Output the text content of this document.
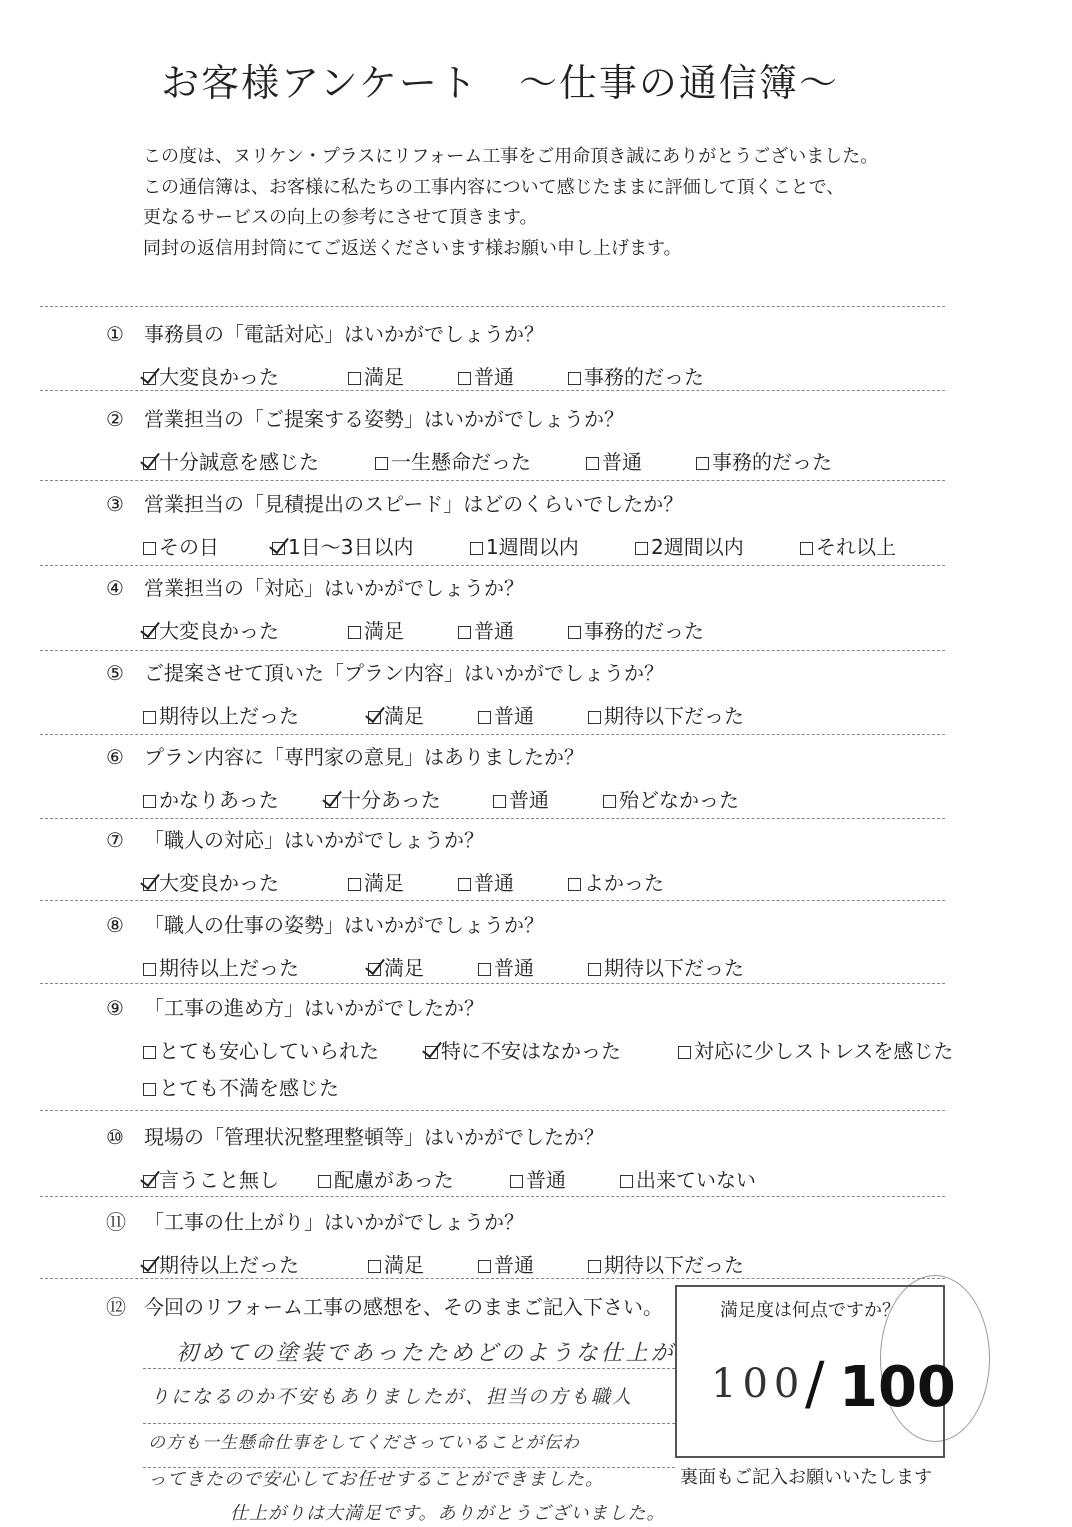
お客様アンケート　～仕事の通信簿～
この度は、ヌリケン・プラスにリフォーム工事をご用命頂き誠にありがとうございました。
この通信簿は、お客様に私たちの工事内容について感じたままに評価して頂くことで、
更なるサービスの向上の参考にさせて頂きます。
同封の返信用封筒にてご返送くださいます様お願い申し上げます。
① 事務員の「電話対応」はいかがでしょうか？
大変良かった	満足	普通	事務的だった
② 営業担当の「ご提案する姿勢」はいかがでしょうか？
十分誠意を感じた	一生懸命だった	普通	事務的だった
③ 営業担当の「見積提出のスピード」はどのくらいでしたか？
その日	1日～3日以内	1週間以内	2週間以内	それ以上
④ 営業担当の「対応」はいかがでしょうか？
大変良かった	満足	普通	事務的だった
⑤ ご提案させて頂いた「プラン内容」はいかがでしょうか？
期待以上だった	満足	普通	期待以下だった
⑥ プラン内容に「専門家の意見」はありましたか？
かなりあった	十分あった	普通	殆どなかった
⑦ 「職人の対応」はいかがでしょうか？
大変良かった	満足	普通	よかった
⑧ 「職人の仕事の姿勢」はいかがでしょうか？
期待以上だった	満足	普通	期待以下だった
⑨ 「工事の進め方」はいかがでしたか？
とても安心していられた	特に不安はなかった	対応に少しストレスを感じた
とても不満を感じた
⑩ 現場の「管理状況整理整頓等」はいかがでしたか？
言うこと無し	配慮があった	普通	出来ていない
⑪ 「工事の仕上がり」はいかがでしょうか？
期待以上だった	満足	普通	期待以下だった
⑫ 今回のリフォーム工事の感想を、そのままご記入下さい。
初めての塗装であったためどのような仕上が
りになるのか不安もありましたが、担当の方も職人
の方も一生懸命仕事をしてくださっていることが伝わ
ってきたので安心してお任せすることができました。
仕上がりは大満足です。ありがとうございました。
満足度は何点ですか？
100 / 100
裏面もご記入お願いいたします
